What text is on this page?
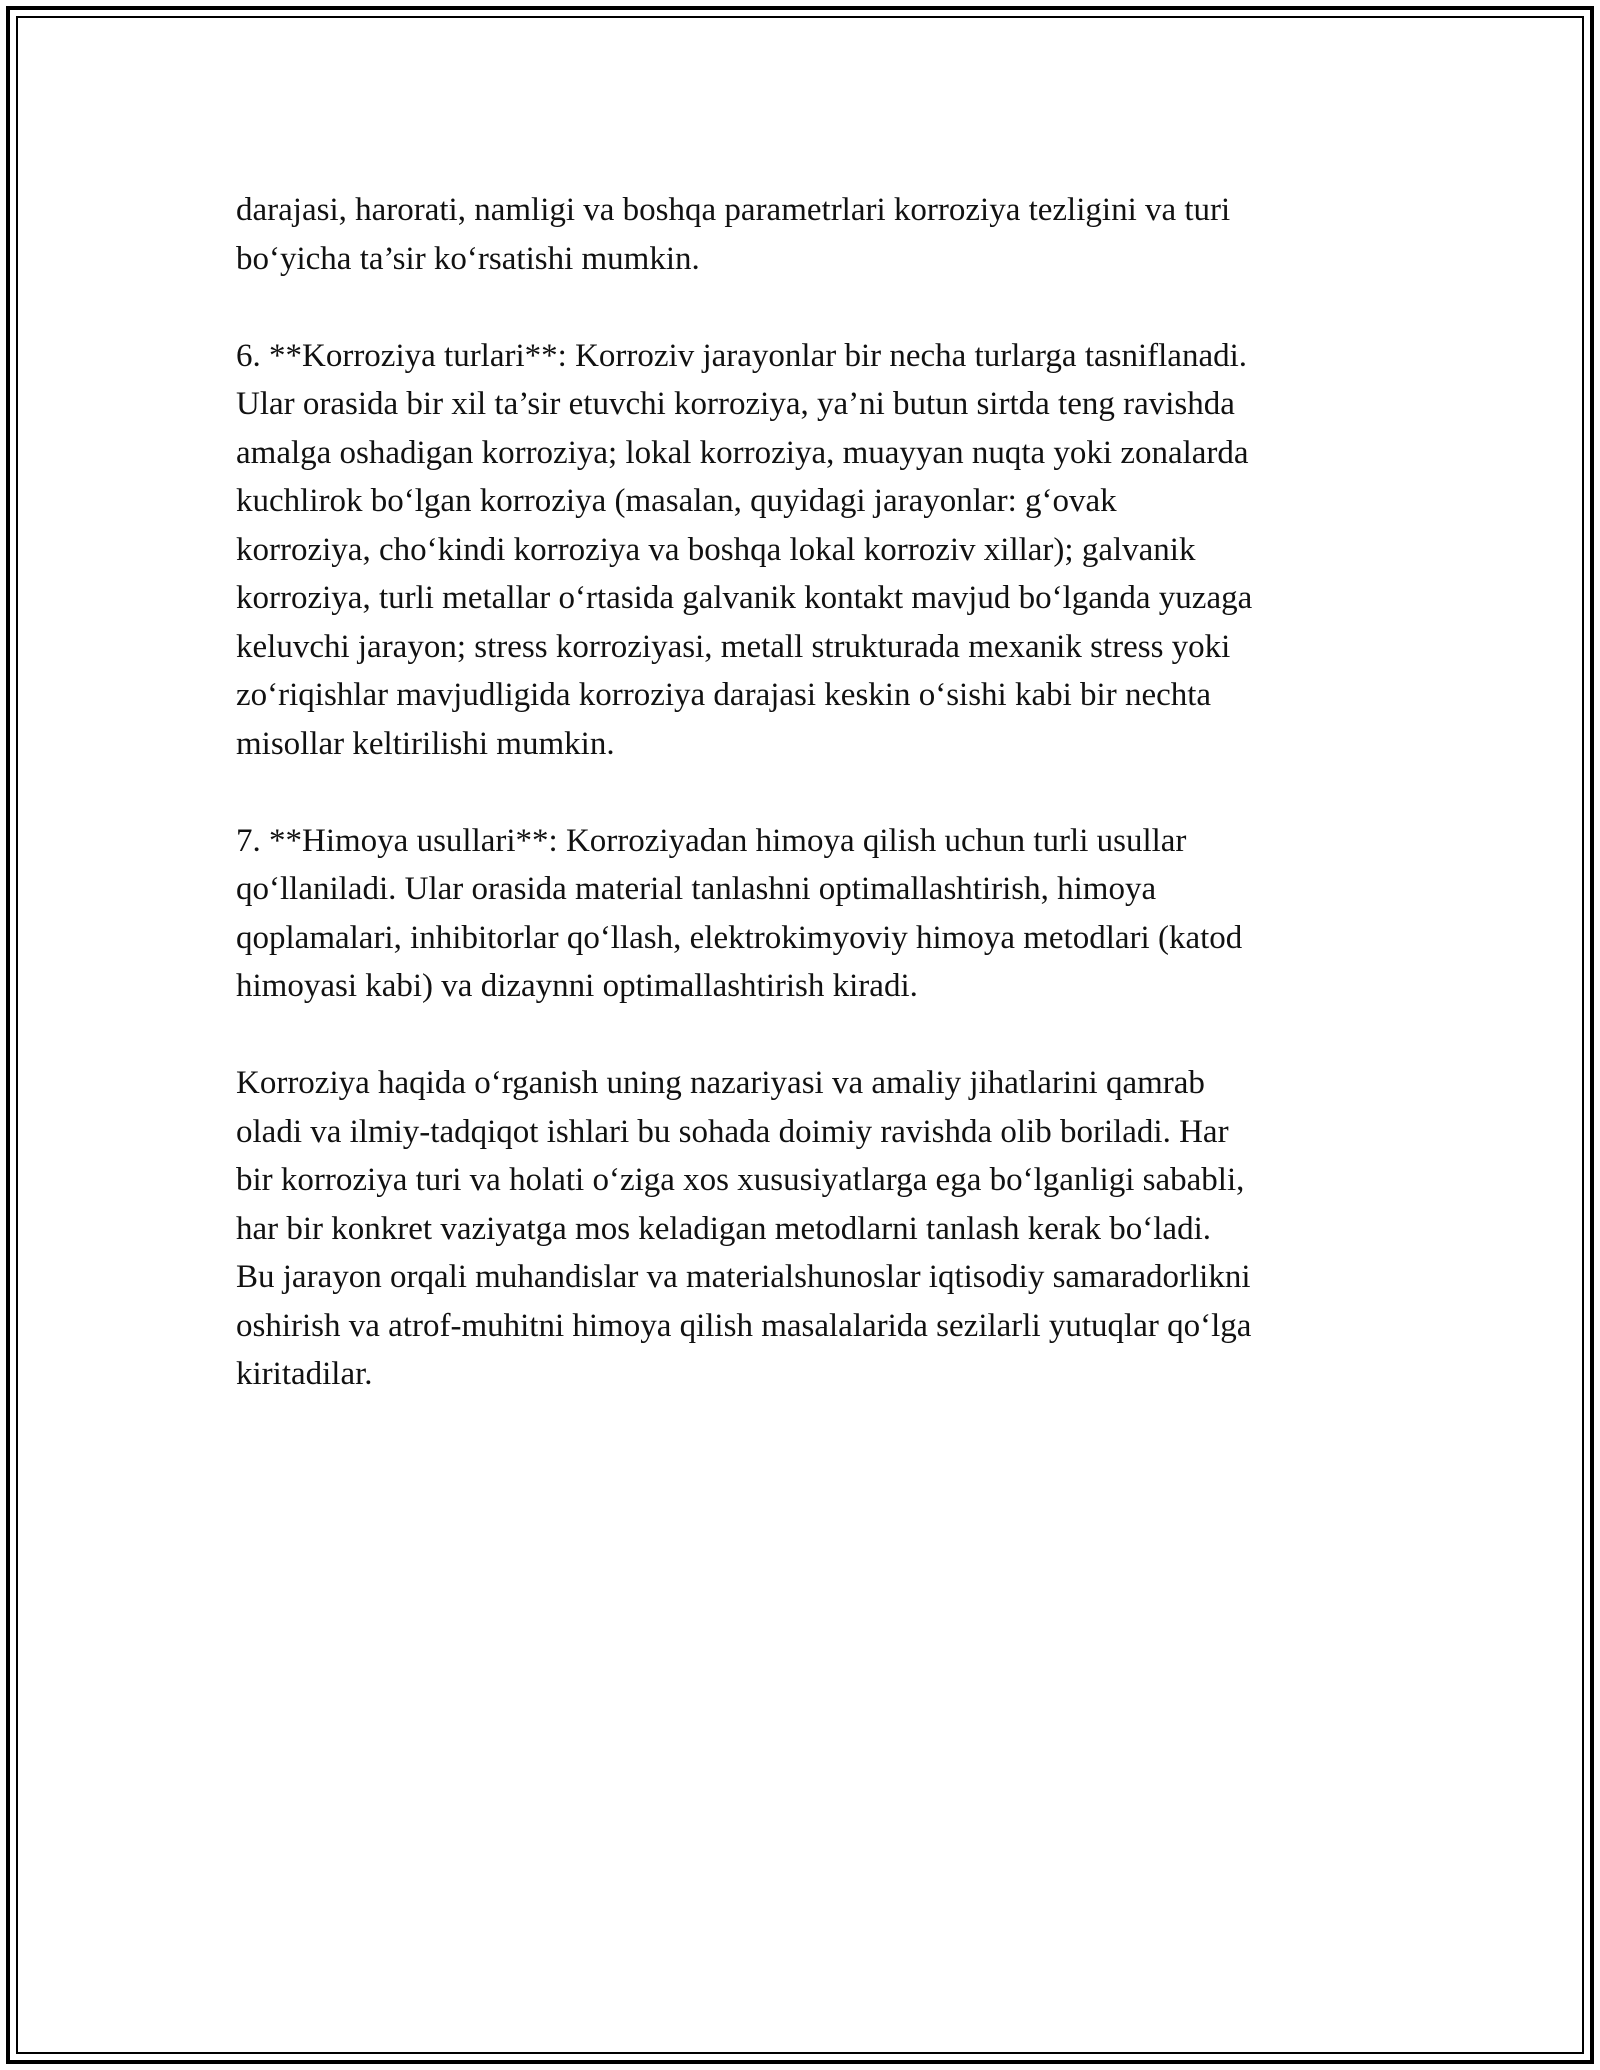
darajasi, harorati, namligi va boshqa parametrlari korroziya tezligini va turi
bo‘yicha ta’sir ko‘rsatishi mumkin.

6. **Korroziya turlari**: Korroziv jarayonlar bir necha turlarga tasniflanadi.
Ular orasida bir xil ta’sir etuvchi korroziya, ya’ni butun sirtda teng ravishda
amalga oshadigan korroziya; lokal korroziya, muayyan nuqta yoki zonalarda
kuchlirok bo‘lgan korroziya (masalan, quyidagi jarayonlar: g‘ovak
korroziya, cho‘kindi korroziya va boshqa lokal korroziv xillar); galvanik
korroziya, turli metallar o‘rtasida galvanik kontakt mavjud bo‘lganda yuzaga
keluvchi jarayon; stress korroziyasi, metall strukturada mexanik stress yoki
zo‘riqishlar mavjudligida korroziya darajasi keskin o‘sishi kabi bir nechta
misollar keltirilishi mumkin.

7. **Himoya usullari**: Korroziyadan himoya qilish uchun turli usullar
qo‘llaniladi. Ular orasida material tanlashni optimallashtirish, himoya
qoplamalari, inhibitorlar qo‘llash, elektrokimyoviy himoya metodlari (katod
himoyasi kabi) va dizaynni optimallashtirish kiradi.

Korroziya haqida o‘rganish uning nazariyasi va amaliy jihatlarini qamrab
oladi va ilmiy-tadqiqot ishlari bu sohada doimiy ravishda olib boriladi. Har
bir korroziya turi va holati o‘ziga xos xususiyatlarga ega bo‘lganligi sababli,
har bir konkret vaziyatga mos keladigan metodlarni tanlash kerak bo‘ladi.
Bu jarayon orqali muhandislar va materialshunoslar iqtisodiy samaradorlikni
oshirish va atrof-muhitni himoya qilish masalalarida sezilarli yutuqlar qo‘lga
kiritadilar.
